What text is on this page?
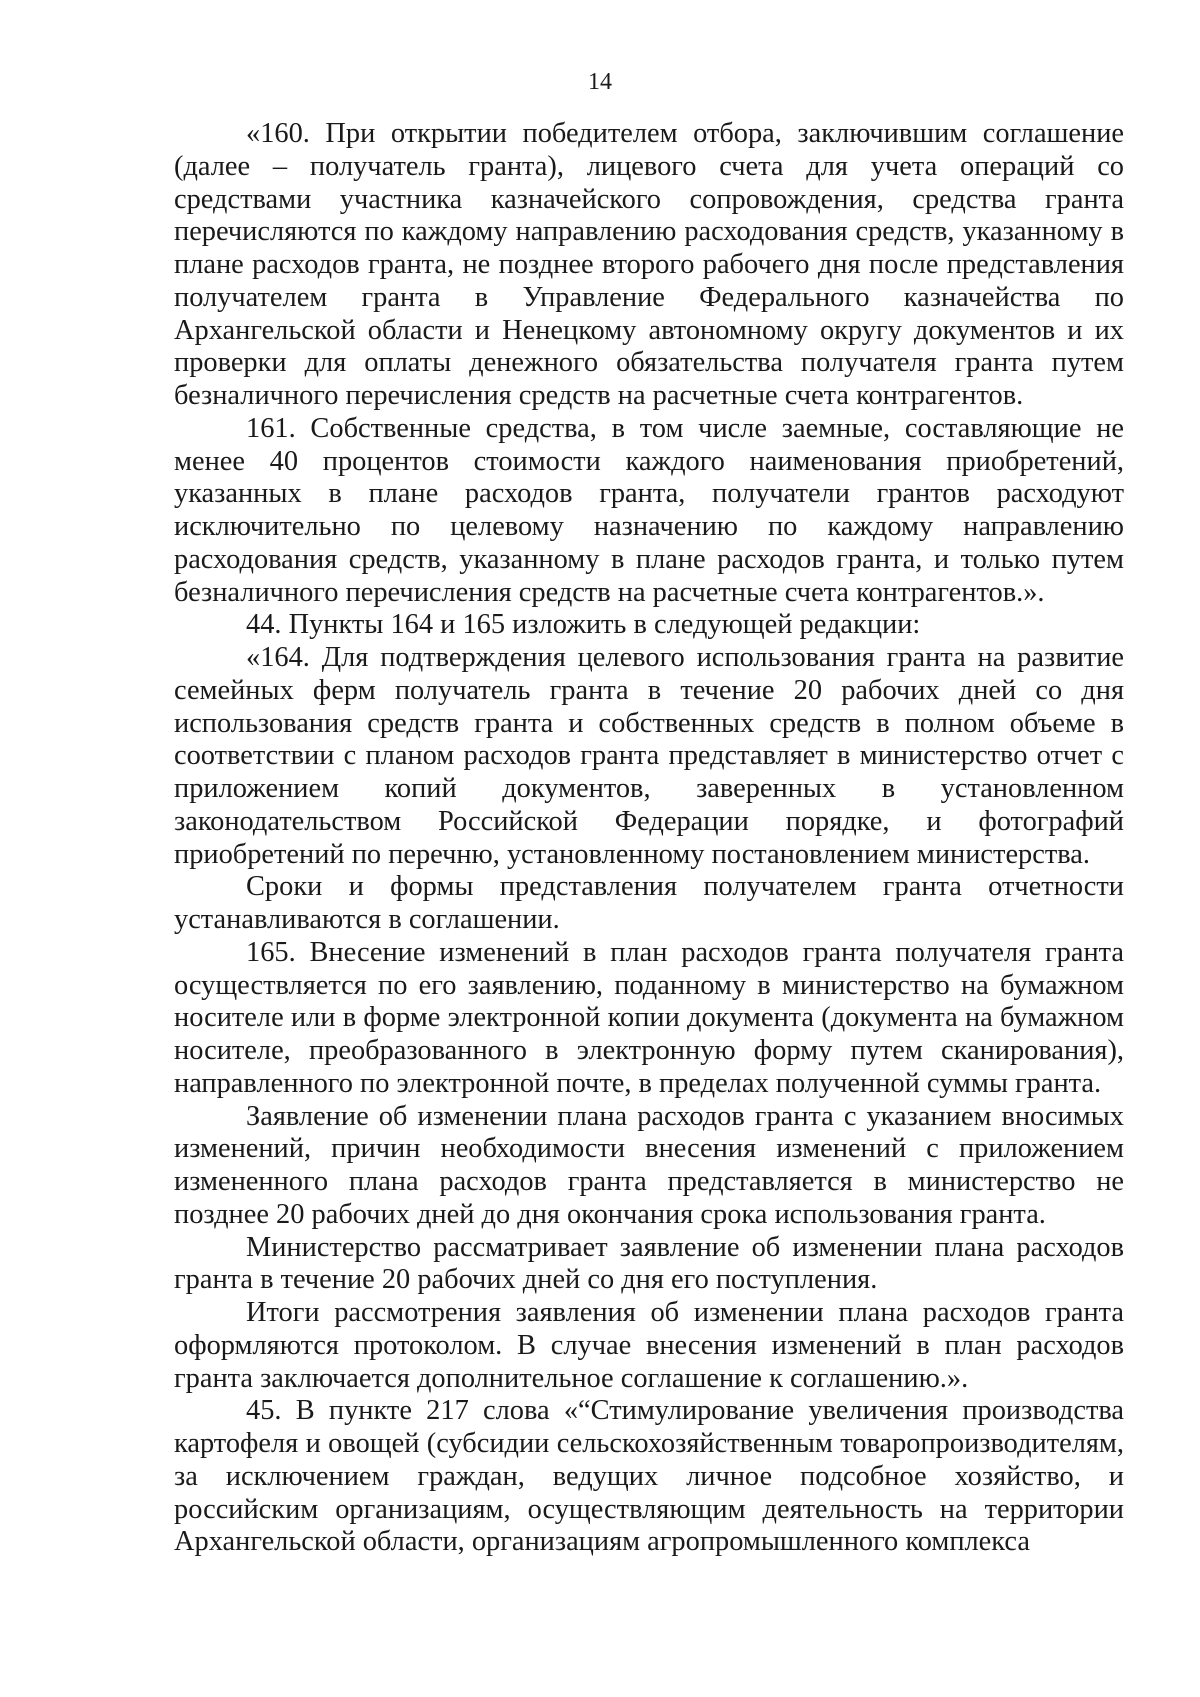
14

«160. При открытии победителем отбора, заключившим соглашение (далее – получатель гранта), лицевого счета для учета операций со средствами участника казначейского сопровождения, средства гранта перечисляются по каждому направлению расходования средств, указанному в плане расходов гранта, не позднее второго рабочего дня после представления получателем гранта в Управление Федерального казначейства по Архангельской области и Ненецкому автономному округу документов и их проверки для оплаты денежного обязательства получателя гранта путем безналичного перечисления средств на расчетные счета контрагентов.

161. Собственные средства, в том числе заемные, составляющие не менее 40 процентов стоимости каждого наименования приобретений, указанных в плане расходов гранта, получатели грантов расходуют исключительно по целевому назначению по каждому направлению расходования средств, указанному в плане расходов гранта, и только путем безналичного перечисления средств на расчетные счета контрагентов.».

44. Пункты 164 и 165 изложить в следующей редакции:

«164. Для подтверждения целевого использования гранта на развитие семейных ферм получатель гранта в течение 20 рабочих дней со дня использования средств гранта и собственных средств в полном объеме в соответствии с планом расходов гранта представляет в министерство отчет с приложением копий документов, заверенных в установленном законодательством Российской Федерации порядке, и фотографий приобретений по перечню, установленному постановлением министерства.

Сроки и формы представления получателем гранта отчетности устанавливаются в соглашении.

165. Внесение изменений в план расходов гранта получателя гранта осуществляется по его заявлению, поданному в министерство на бумажном носителе или в форме электронной копии документа (документа на бумажном носителе, преобразованного в электронную форму путем сканирования), направленного по электронной почте, в пределах полученной суммы гранта.

Заявление об изменении плана расходов гранта с указанием вносимых изменений, причин необходимости внесения изменений с приложением измененного плана расходов гранта представляется в министерство не позднее 20 рабочих дней до дня окончания срока использования гранта.

Министерство рассматривает заявление об изменении плана расходов гранта в течение 20 рабочих дней со дня его поступления.

Итоги рассмотрения заявления об изменении плана расходов гранта оформляются протоколом. В случае внесения изменений в план расходов гранта заключается дополнительное соглашение к соглашению.».

45. В пункте 217 слова «“Стимулирование увеличения производства картофеля и овощей (субсидии сельскохозяйственным товаропроизводителям, за исключением граждан, ведущих личное подсобное хозяйство, и российским организациям, осуществляющим деятельность на территории Архангельской области, организациям агропромышленного комплекса
